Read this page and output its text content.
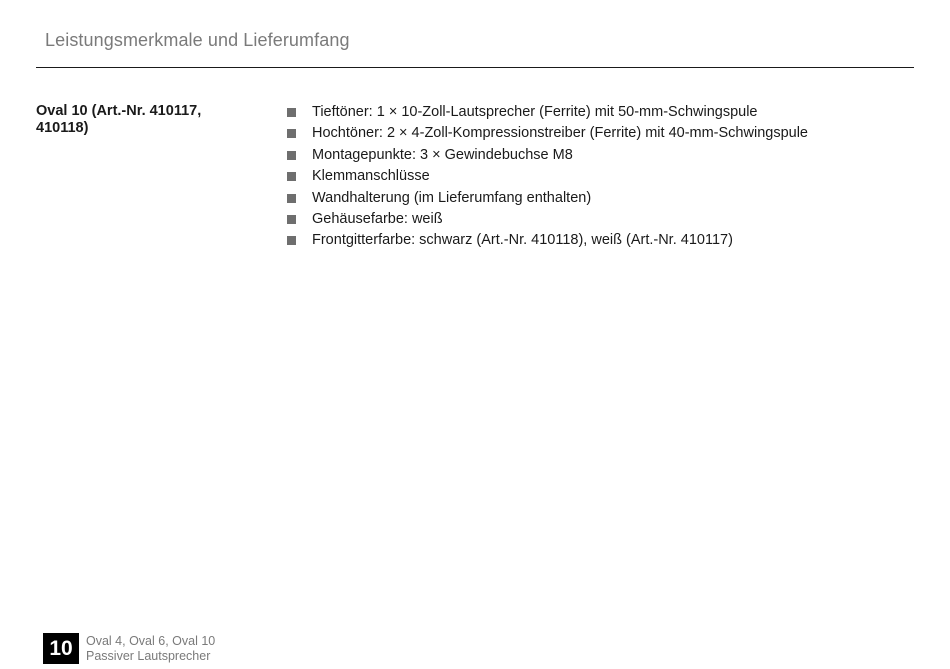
Leistungsmerkmale und Lieferumfang
Oval 10 (Art.-Nr. 410117, 410118)
Tieftöner: 1 × 10-Zoll-Lautsprecher (Ferrite) mit 50-mm-Schwingspule
Hochtöner: 2 × 4-Zoll-Kompressionstreiber (Ferrite) mit 40-mm-Schwingspule
Montagepunkte: 3 × Gewindebuchse M8
Klemmanschlüsse
Wandhalterung (im Lieferumfang enthalten)
Gehäusefarbe: weiß
Frontgitterfarbe: schwarz (Art.-Nr. 410118), weiß (Art.-Nr. 410117)
10	Oval 4, Oval 6, Oval 10
Passiver Lautsprecher
